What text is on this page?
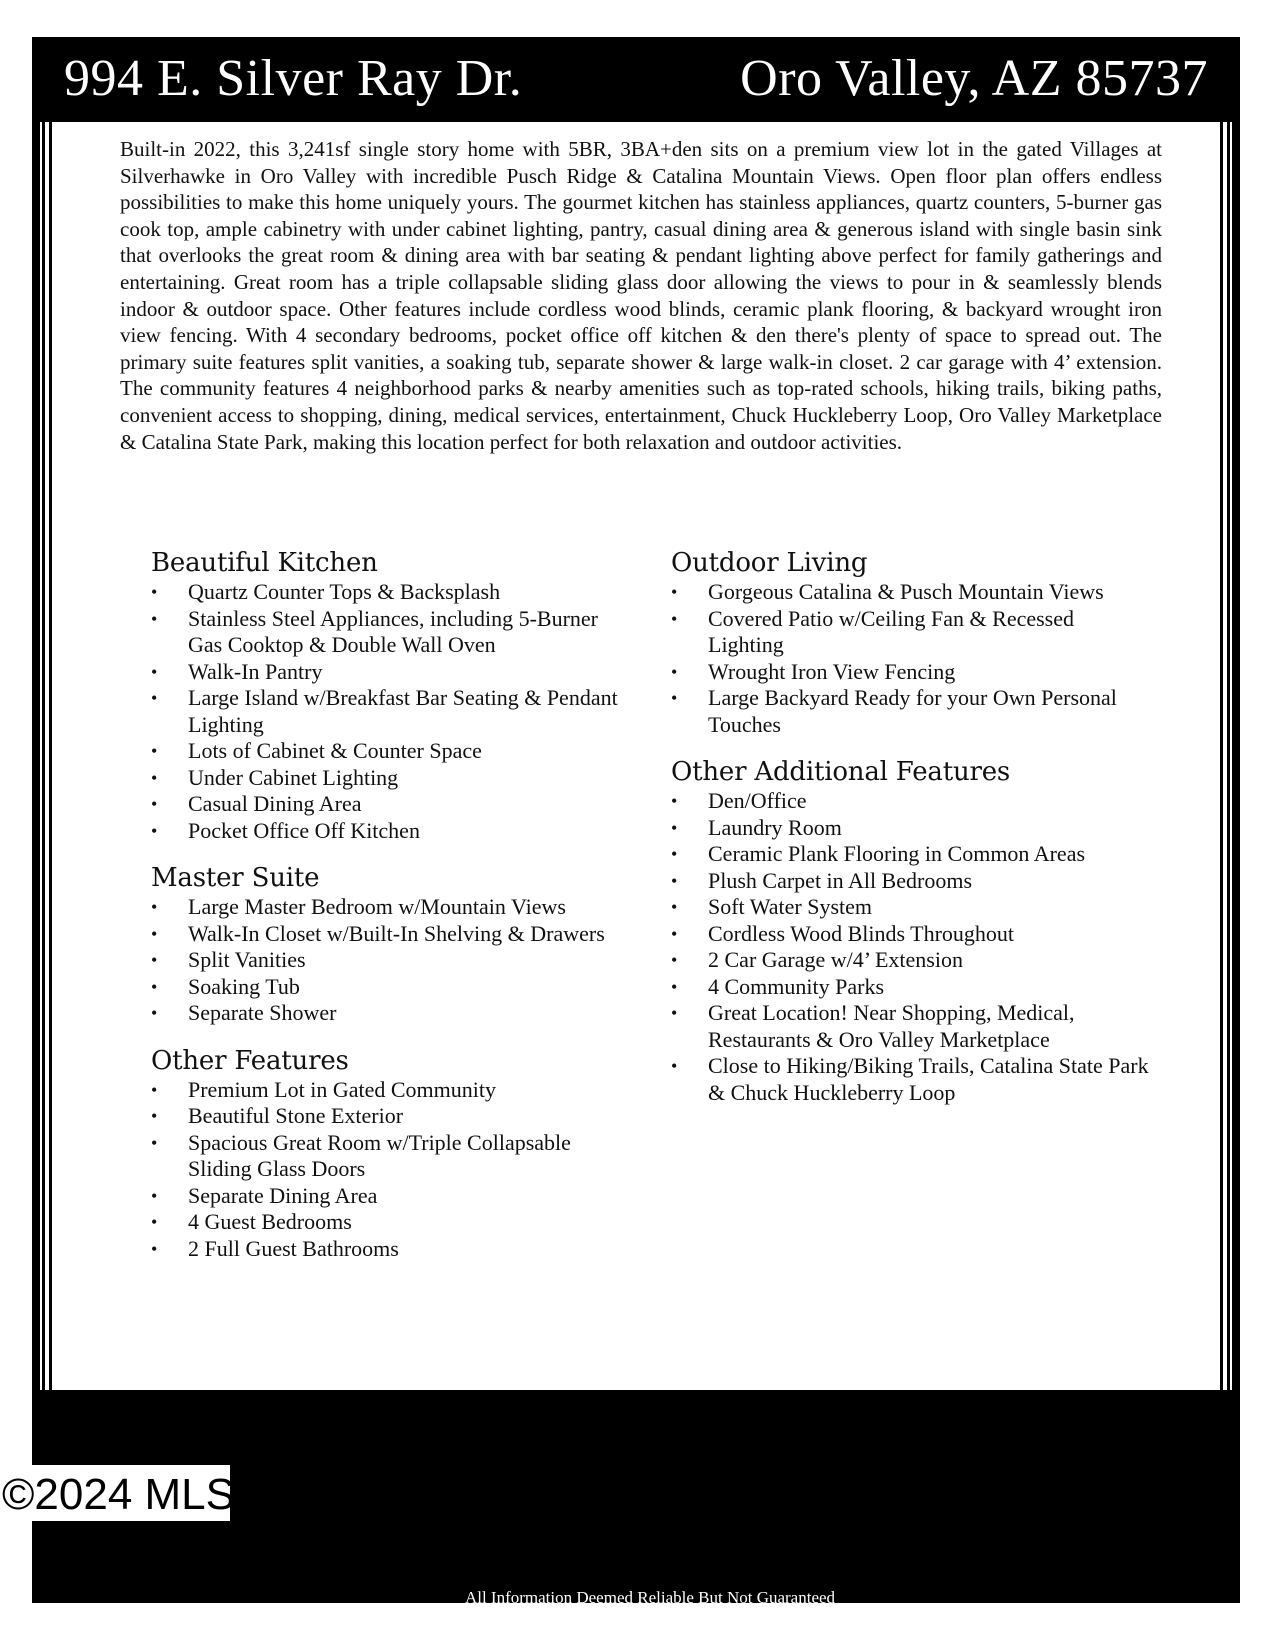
994 E. Silver Ray Dr.	Oro Valley, AZ 85737

Built-in 2022, this 3,241sf single story home with 5BR, 3BA+den sits on a premium view lot in the gated Villages at Silverhawke in Oro Valley with incredible Pusch Ridge & Catalina Mountain Views. Open floor plan offers endless possibilities to make this home uniquely yours. The gourmet kitchen has stainless appliances, quartz counters, 5-burner gas cook top, ample cabinetry with under cabinet lighting, pantry, casual dining area & generous island with single basin sink that overlooks the great room & dining area with bar seating & pendant lighting above perfect for family gatherings and entertaining. Great room has a triple collapsable sliding glass door allowing the views to pour in & seamlessly blends indoor & outdoor space. Other features include cordless wood blinds, ceramic plank flooring, & backyard wrought iron view fencing. With 4 secondary bedrooms, pocket office off kitchen & den there's plenty of space to spread out. The primary suite features split vanities, a soaking tub, separate shower & large walk-in closet. 2 car garage with 4’ extension. The community features 4 neighborhood parks & nearby amenities such as top-rated schools, hiking trails, biking paths, convenient access to shopping, dining, medical services, entertainment, Chuck Huckleberry Loop, Oro Valley Marketplace & Catalina State Park, making this location perfect for both relaxation and outdoor activities.

Beautiful Kitchen
• Quartz Counter Tops & Backsplash
• Stainless Steel Appliances, including 5-Burner Gas Cooktop & Double Wall Oven
• Walk-In Pantry
• Large Island w/Breakfast Bar Seating & Pendant Lighting
• Lots of Cabinet & Counter Space
• Under Cabinet Lighting
• Casual Dining Area
• Pocket Office Off Kitchen
Master Suite
• Large Master Bedroom w/Mountain Views
• Walk-In Closet w/Built-In Shelving & Drawers
• Split Vanities
• Soaking Tub
• Separate Shower
Other Features
• Premium Lot in Gated Community
• Beautiful Stone Exterior
• Spacious Great Room w/Triple Collapsable Sliding Glass Doors
• Separate Dining Area
• 4 Guest Bedrooms
• 2 Full Guest Bathrooms
Outdoor Living
• Gorgeous Catalina & Pusch Mountain Views
• Covered Patio w/Ceiling Fan & Recessed Lighting
• Wrought Iron View Fencing
• Large Backyard Ready for your Own Personal Touches
Other Additional Features
• Den/Office
• Laundry Room
• Ceramic Plank Flooring in Common Areas
• Plush Carpet in All Bedrooms
• Soft Water System
• Cordless Wood Blinds Throughout
• 2 Car Garage w/4’ Extension
• 4 Community Parks
• Great Location! Near Shopping, Medical, Restaurants & Oro Valley Marketplace
• Close to Hiking/Biking Trails, Catalina State Park & Chuck Huckleberry Loop
All Information Deemed Reliable But Not Guaranteed
©2024 MLSSAZ
